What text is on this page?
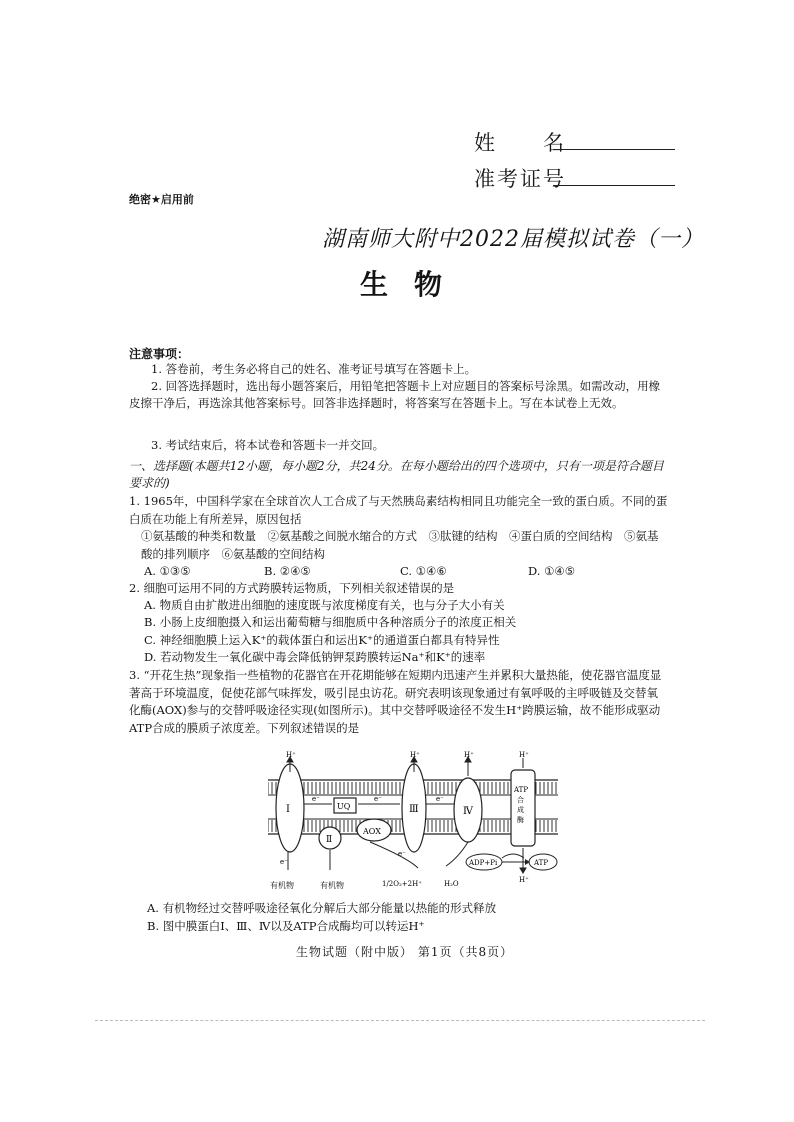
姓　　名
准考证号
绝密★启用前
湖南师大附中2022届模拟试卷（一）
生物
注意事项：
1. 答卷前，考生务必将自己的姓名、准考证号填写在答题卡上。
2. 回答选择题时，选出每小题答案后，用铅笔把答题卡上对应题目的答案标号涂黑。如需改动，用橡皮擦干净后，再选涂其他答案标号。回答非选择题时，将答案写在答题卡上。写在本试卷上无效。
3. 考试结束后，将本试卷和答题卡一并交回。
一、选择题(本题共12小题，每小题2分，共24分。在每小题给出的四个选项中，只有一项是符合题目要求的)
1. 1965年，中国科学家在全球首次人工合成了与天然胰岛素结构相同且功能完全一致的蛋白质。不同的蛋白质在功能上有所差异，原因包括
①氨基酸的种类和数量　②氨基酸之间脱水缩合的方式　③肽键的结构　④蛋白质的空间结构　⑤氨基酸的排列顺序　⑥氨基酸的空间结构
A. ①③⑤	B. ②④⑤	C. ①④⑥	D. ①④⑤
2. 细胞可运用不同的方式跨膜转运物质，下列相关叙述错误的是
A. 物质自由扩散进出细胞的速度既与浓度梯度有关，也与分子大小有关
B. 小肠上皮细胞摄入和运出葡萄糖与细胞质中各种溶质分子的浓度正相关
C. 神经细胞膜上运入K⁺的载体蛋白和运出K⁺的通道蛋白都具有特异性
D. 若动物发生一氧化碳中毒会降低钠钾泵跨膜转运Na⁺和K⁺的速率
3. “开花生热”现象指一些植物的花器官在开花期能够在短期内迅速产生并累积大量热能，使花器官温度显著高于环境温度，促使花部气味挥发，吸引昆虫访花。研究表明该现象通过有氧呼吸的主呼吸链及交替氧化酶(AOX)参与的交替呼吸途径实现(如图所示)。其中交替呼吸途径不发生H⁺跨膜运输，故不能形成驱动ATP合成的膜质子浓度差。下列叙述错误的是
Ⅰ
Ⅱ
UQ
AOX
Ⅲ	Ⅳ
ATP 合 成 酶
H⁺	H⁺	H⁺	H⁺
H⁺
e⁻	e⁻	e⁻
e⁻
e⁻
有机物	有机物	1/2O₂+2H⁺	H₂O
ADP+Pi	ATP
A. 有机物经过交替呼吸途径氧化分解后大部分能量以热能的形式释放
B. 图中膜蛋白Ⅰ、Ⅲ、Ⅳ以及ATP合成酶均可以转运H⁺
生物试题（附中版） 第1页（共8页）
